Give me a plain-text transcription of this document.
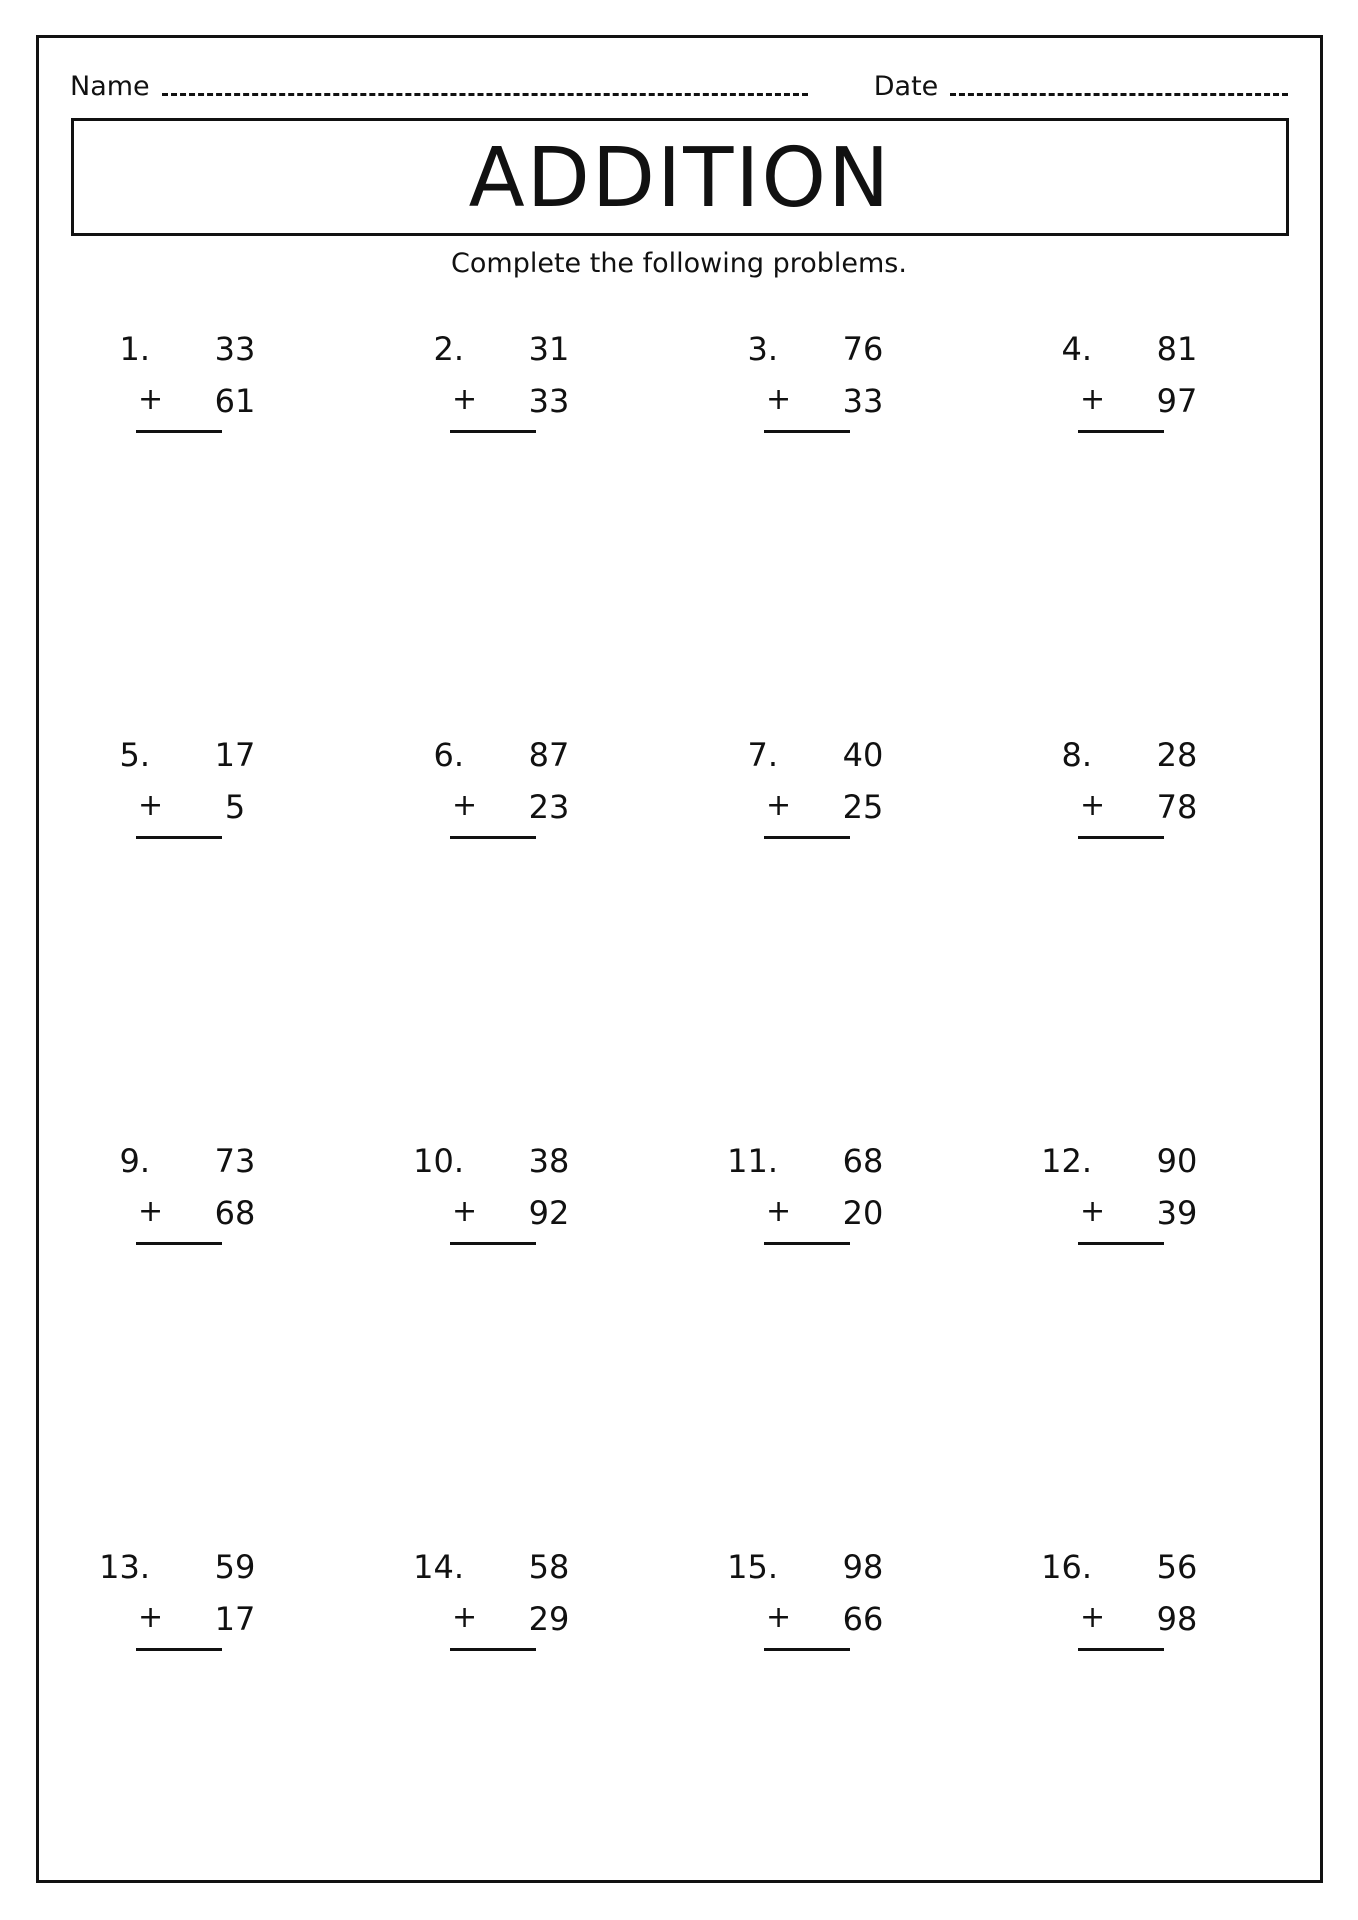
Name	Date
ADDITION
Complete the following problems.
1.	33
+	61
2.	31
+	33
3.	76
+	33
4.	81
+	97
5.	17
+	5
6.	87
+	23
7.	40
+	25
8.	28
+	78
9.	73
+	68
10.	38
+	92
11.	68
+	20
12.	90
+	39
13.	59
+	17
14.	58
+	29
15.	98
+	66
16.	56
+	98
